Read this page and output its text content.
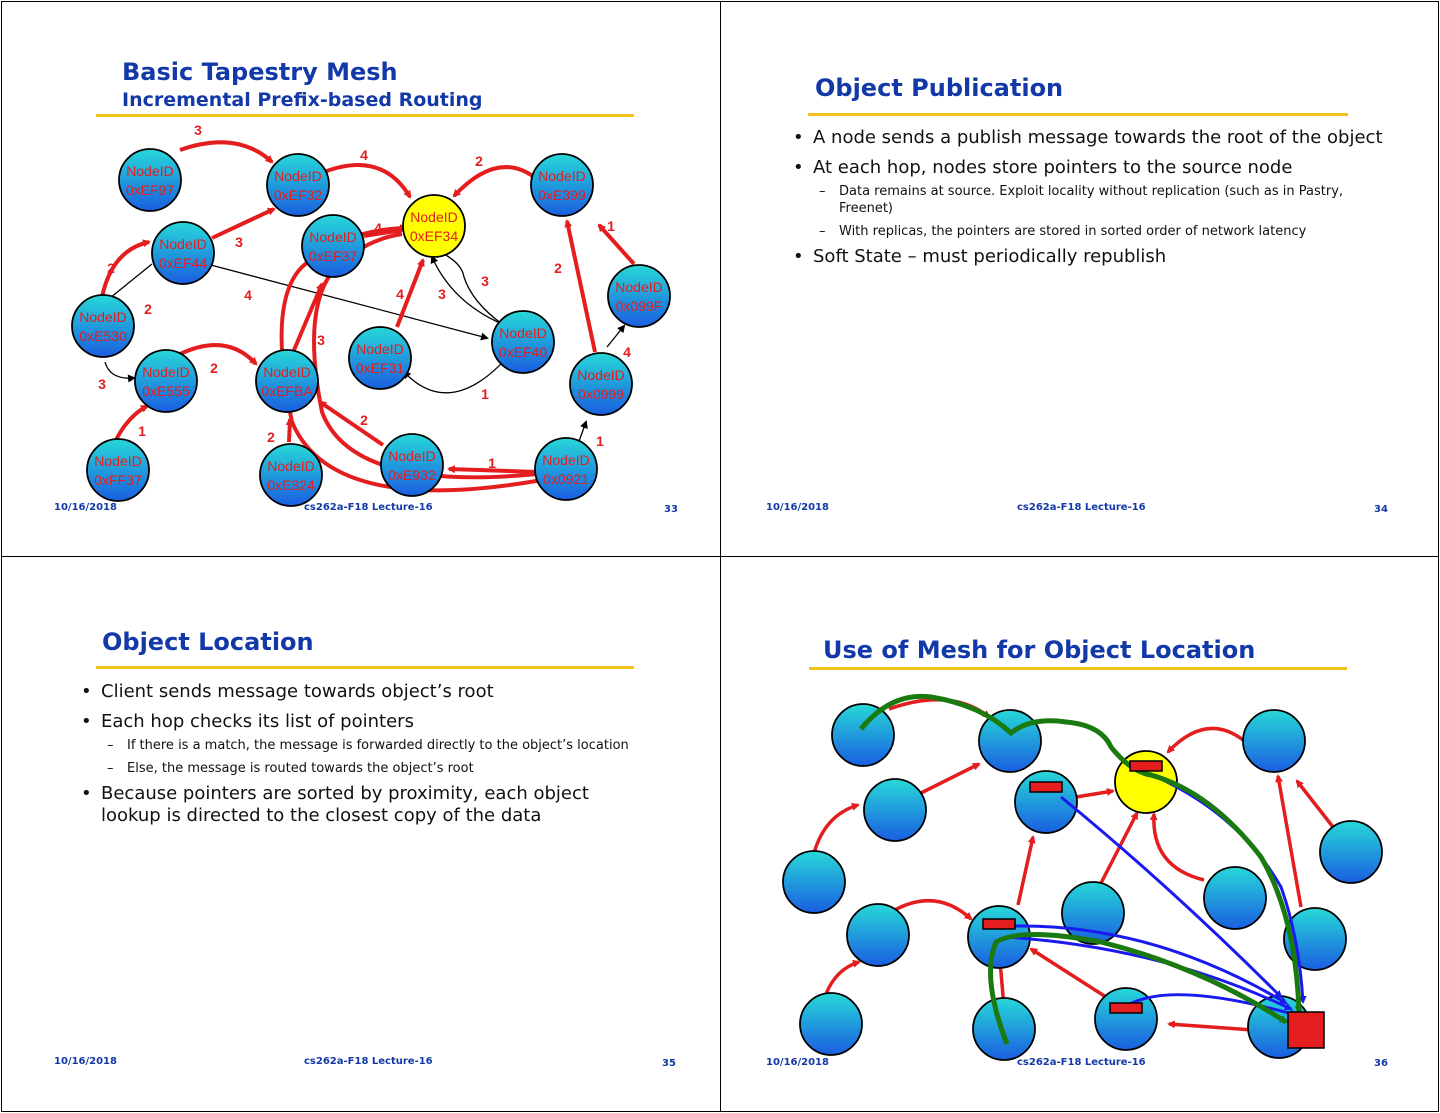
Basic Tapestry Mesh
Incremental Prefix-based Routing
NodeID
0xEF97
NodeID
0xEF32
NodeID
0xEF34
NodeID
0xE399
NodeID
0xEF44
NodeID
0xEF37
NodeID
0x099F
NodeID
0xE530	NodeID
0xEF40
NodeID
0xEF31
NodeID
0xE555
NodeID
0xEFBA
NodeID
0x0999
NodeID
0xFF37
NodeID
0xE324
NodeID
0xE932
NodeID
0x0921
3
4	2
4
3
2
4
2
1
3
2
4 3
1
1
4
3
2
3
1
2
2	1
10/16/2018	cs262a-F18 Lecture-16	33
Object Publication
• A node sends a publish message towards the root of the object
• At each hop, nodes store pointers to the source node
– Data remains at source. Exploit locality without replication (such as in Pastry, Freenet)
– With replicas, the pointers are stored in sorted order of network latency
• Soft State – must periodically republish
10/16/2018	cs262a-F18 Lecture-16	34
Object Location
• Client sends message towards object’s root
• Each hop checks its list of pointers
– If there is a match, the message is forwarded directly to the object’s location
– Else, the message is routed towards the object’s root
• Because pointers are sorted by proximity, each object lookup is directed to the closest copy of the data
10/16/2018	cs262a-F18 Lecture-16	35
Use of Mesh for Object Location
10/16/2018	cs262a-F18 Lecture-16	36
